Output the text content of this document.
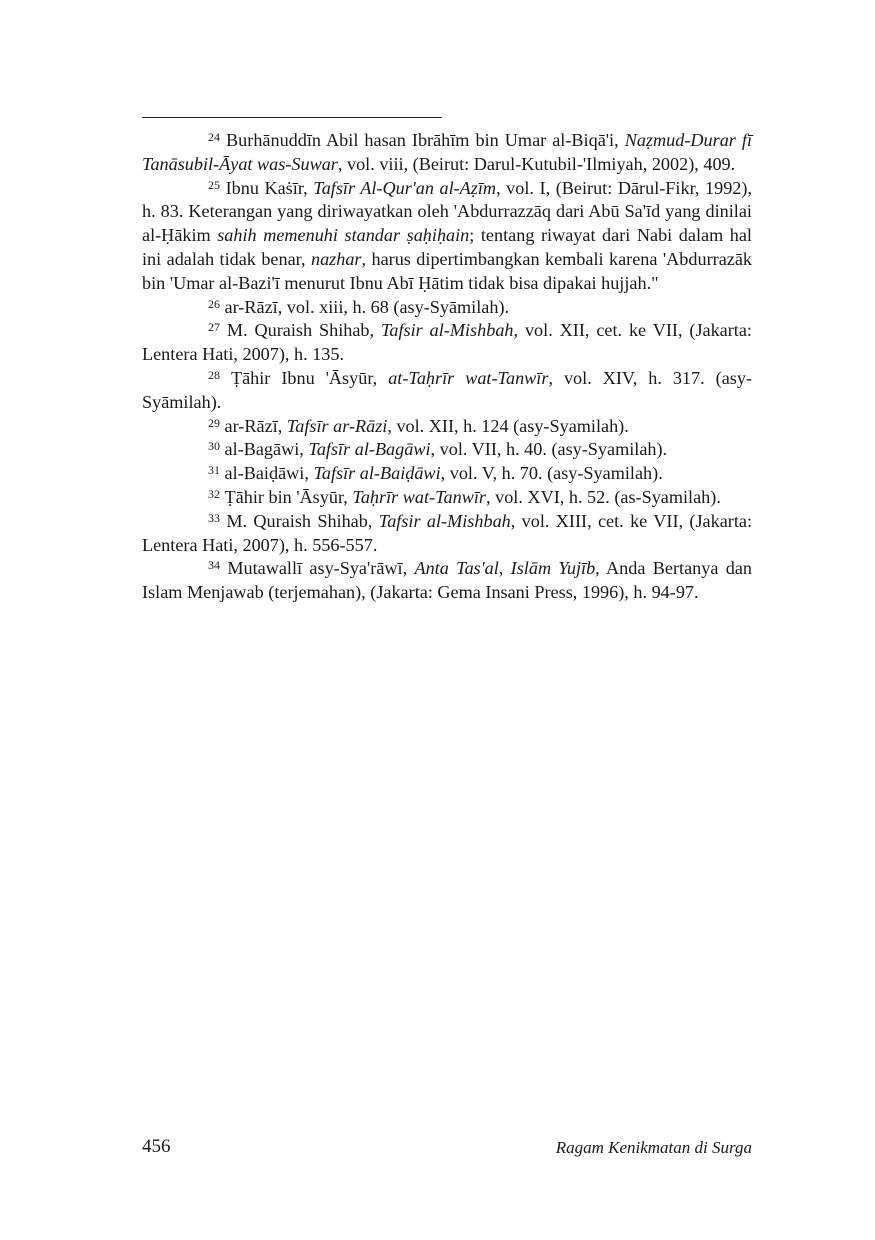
$^{24}$ Burhānuddīn Abil hasan Ibrāhīm bin Umar al-Biqā'i, Naẓmud-Durar fī Tanāsubil-Āyat was-Suwar, vol. viii, (Beirut: Darul-Kutubil-'Ilmiyah, 2002), 409.

$^{25}$ Ibnu Kaṡīr, Tafsīr Al-Qur'an al-Aẓīm, vol. I, (Beirut: Dārul-Fikr, 1992), h. 83. Keterangan yang diriwayatkan oleh 'Abdurrazzāq dari Abū Sa'īd yang dinilai al-Ḥākim sahih memenuhi standar ṣaḥiḥain; tentang riwayat dari Nabi dalam hal ini adalah tidak benar, nazhar, harus dipertimbangkan kembali karena 'Abdurrazāk bin 'Umar al-Bazi'ī menurut Ibnu Abī Ḥātim tidak bisa dipakai hujjah."

$^{26}$ ar-Rāzī, vol. xiii, h. 68 (asy-Syāmilah).

$^{27}$ M. Quraish Shihab, Tafsir al-Mishbah, vol. XII, cet. ke VII, (Jakarta: Lentera Hati, 2007), h. 135.

$^{28}$ Ṭāhir Ibnu 'Āsyūr, at-Taḥrīr wat-Tanwīr, vol. XIV, h. 317. (asy-Syāmilah).

$^{29}$ ar-Rāzī, Tafsīr ar-Rāzi, vol. XII, h. 124 (asy-Syamilah).

$^{30}$ al-Bagāwi, Tafsīr al-Bagāwi, vol. VII, h. 40. (asy-Syamilah).

$^{31}$ al-Baiḍāwi, Tafsīr al-Baiḍāwi, vol. V, h. 70. (asy-Syamilah).

$^{32}$ Ṭāhir bin 'Āsyūr, Taḥrīr wat-Tanwīr, vol. XVI, h. 52. (as-Syamilah).

$^{33}$ M. Quraish Shihab, Tafsir al-Mishbah, vol. XIII, cet. ke VII, (Jakarta: Lentera Hati, 2007), h. 556-557.

$^{34}$ Mutawallī asy-Sya'rāwī, Anta Tas'al, Islām Yujīb, Anda Bertanya dan Islam Menjawab (terjemahan), (Jakarta: Gema Insani Press, 1996), h. 94-97.

456	Ragam Kenikmatan di Surga
